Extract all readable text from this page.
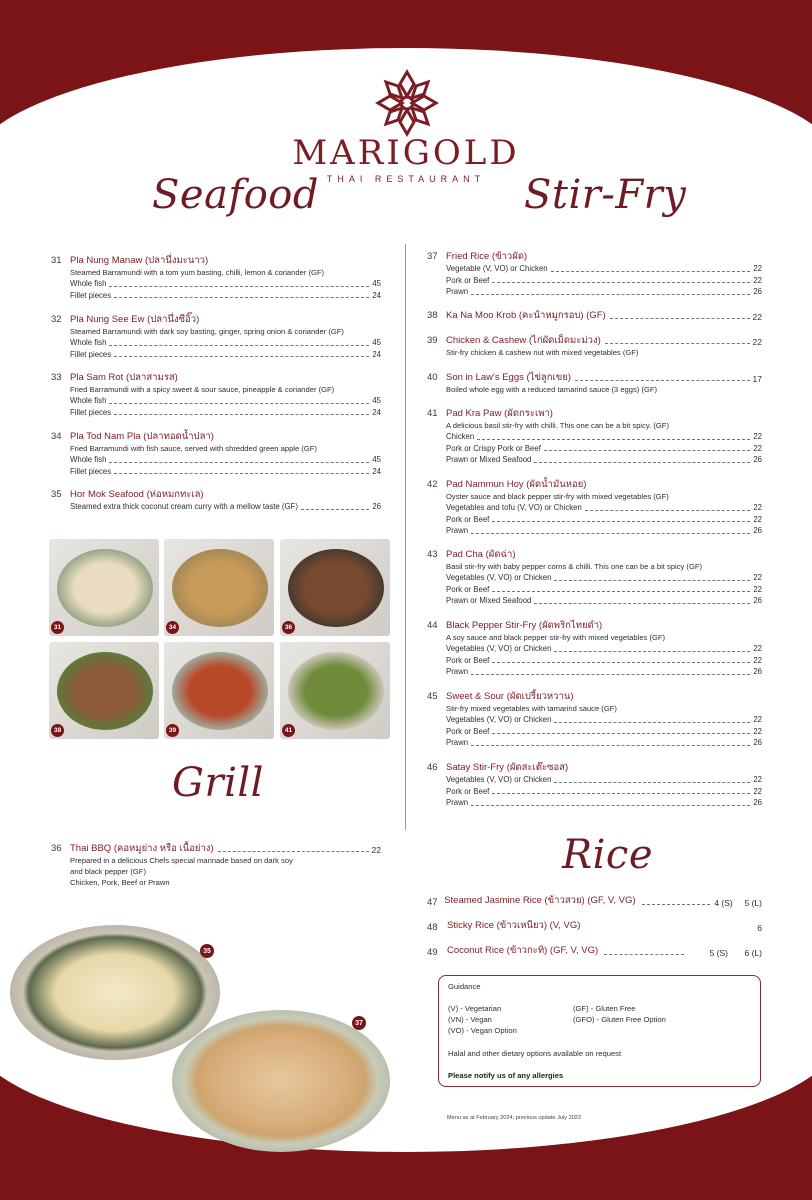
MARIGOLD
THAI RESTAURANT
Seafood	Stir-Fry
Grill
Rice
31 Pla Nung Manaw (ปลานึ่งมะนาว)
Steamed Barramundi with a tom yum basting, chilli, lemon & coriander (GF)
Whole fish	45
Fillet pieces	24
32 Pla Nung See Ew (ปลานึ่งซีอิ๊ว)
Steamed Barramundi with dark soy basting, ginger, spring onion & coriander (GF)
Whole fish	45
Fillet pieces	24
33 Pla Sam Rot (ปลาสามรส)
Fried Barramundi with a spicy sweet & sour sauce, pineapple & coriander (GF)
Whole fish	45
Fillet pieces	24
34 Pla Tod Nam Pla (ปลาทอดน้ำปลา)
Fried Barramundi with fish sauce, served with shredded green apple (GF)
Whole fish	45
Fillet pieces	24
35 Hor Mok Seafood (ห่อหมกทะเล)
Steamed extra thick coconut cream curry with a mellow taste (GF)	26
31	34	36
38	39	41
36 Thai BBQ (คอหมูย่าง หรือ เนื้อย่าง)	22
Prepared in a delicious Chefs special marinade based on dark soy
and black pepper (GF)
Chicken, Pork, Beef or Prawn
35
37
37 Fried Rice (ข้าวผัด)
Vegetable (V, VO) or Chicken	22
Pork or Beef	22
Prawn	26
38 Ka Na Moo Krob (คะน้าหมูกรอบ) (GF)	22
39 Chicken & Cashew (ไก่ผัดเม็ดมะม่วง)	22
Stir-fry chicken & cashew nut with mixed vegetables (GF)
40 Son in Law's Eggs (ไข่ลูกเขย)	17
Boiled whole egg with a reduced tamarind sauce (3 eggs) (GF)
41 Pad Kra Paw (ผัดกระเพา)
A delicious basil stir-fry with chilli. This one can be a bit spicy. (GF)
Chicken	22
Pork or Crispy Pork or Beef	22
Prawn or Mixed Seafood	26
42 Pad Nammun Hoy (ผัดน้ำมันหอย)
Oyster sauce and black pepper stir-fry with mixed vegetables (GF)
Vegetables and tofu (V, VO) or Chicken	22
Pork or Beef	22
Prawn	26
43 Pad Cha (ผัดฉ่า)
Basil stir-fry with baby pepper corns & chilli. This one can be a bit spicy (GF)
Vegetables (V, VO) or Chicken	22
Pork or Beef	22
Prawn or Mixed Seafood	26
44 Black Pepper Stir-Fry (ผัดพริกไทยดำ)
A soy sauce and black pepper stir-fry with mixed vegetables (GF)
Vegetables (V, VO) or Chicken	22
Pork or Beef	22
Prawn	26
45 Sweet & Sour (ผัดเปรี้ยวหวาน)
Stir-fry mixed vegetables with tamarind sauce (GF)
Vegetables (V, VO) or Chicken	22
Pork or Beef	22
Prawn	26
46 Satay Stir-Fry (ผัดสะเต๊ะซอส)
Vegetables (V, VO) or Chicken	22
Pork or Beef	22
Prawn	26
47 Steamed Jasmine Rice (ข้าวสวย) (GF, V, VG)	4 (S)	5 (L)
48 Sticky Rice (ข้าวเหนียว) (V, VG)	6
49 Coconut Rice (ข้าวกะทิ) (GF, V, VG)	5 (S)	6 (L)
Guidance
(V) - Vegetarian
(VN) - Vegan
(VO) - Vegan Option
(GF) - Gluten Free
(GFO) - Gluten Free Option
Halal and other dietary options available on request
Please notify us of any allergies
Menu as at February 2024, previous update July 2022
